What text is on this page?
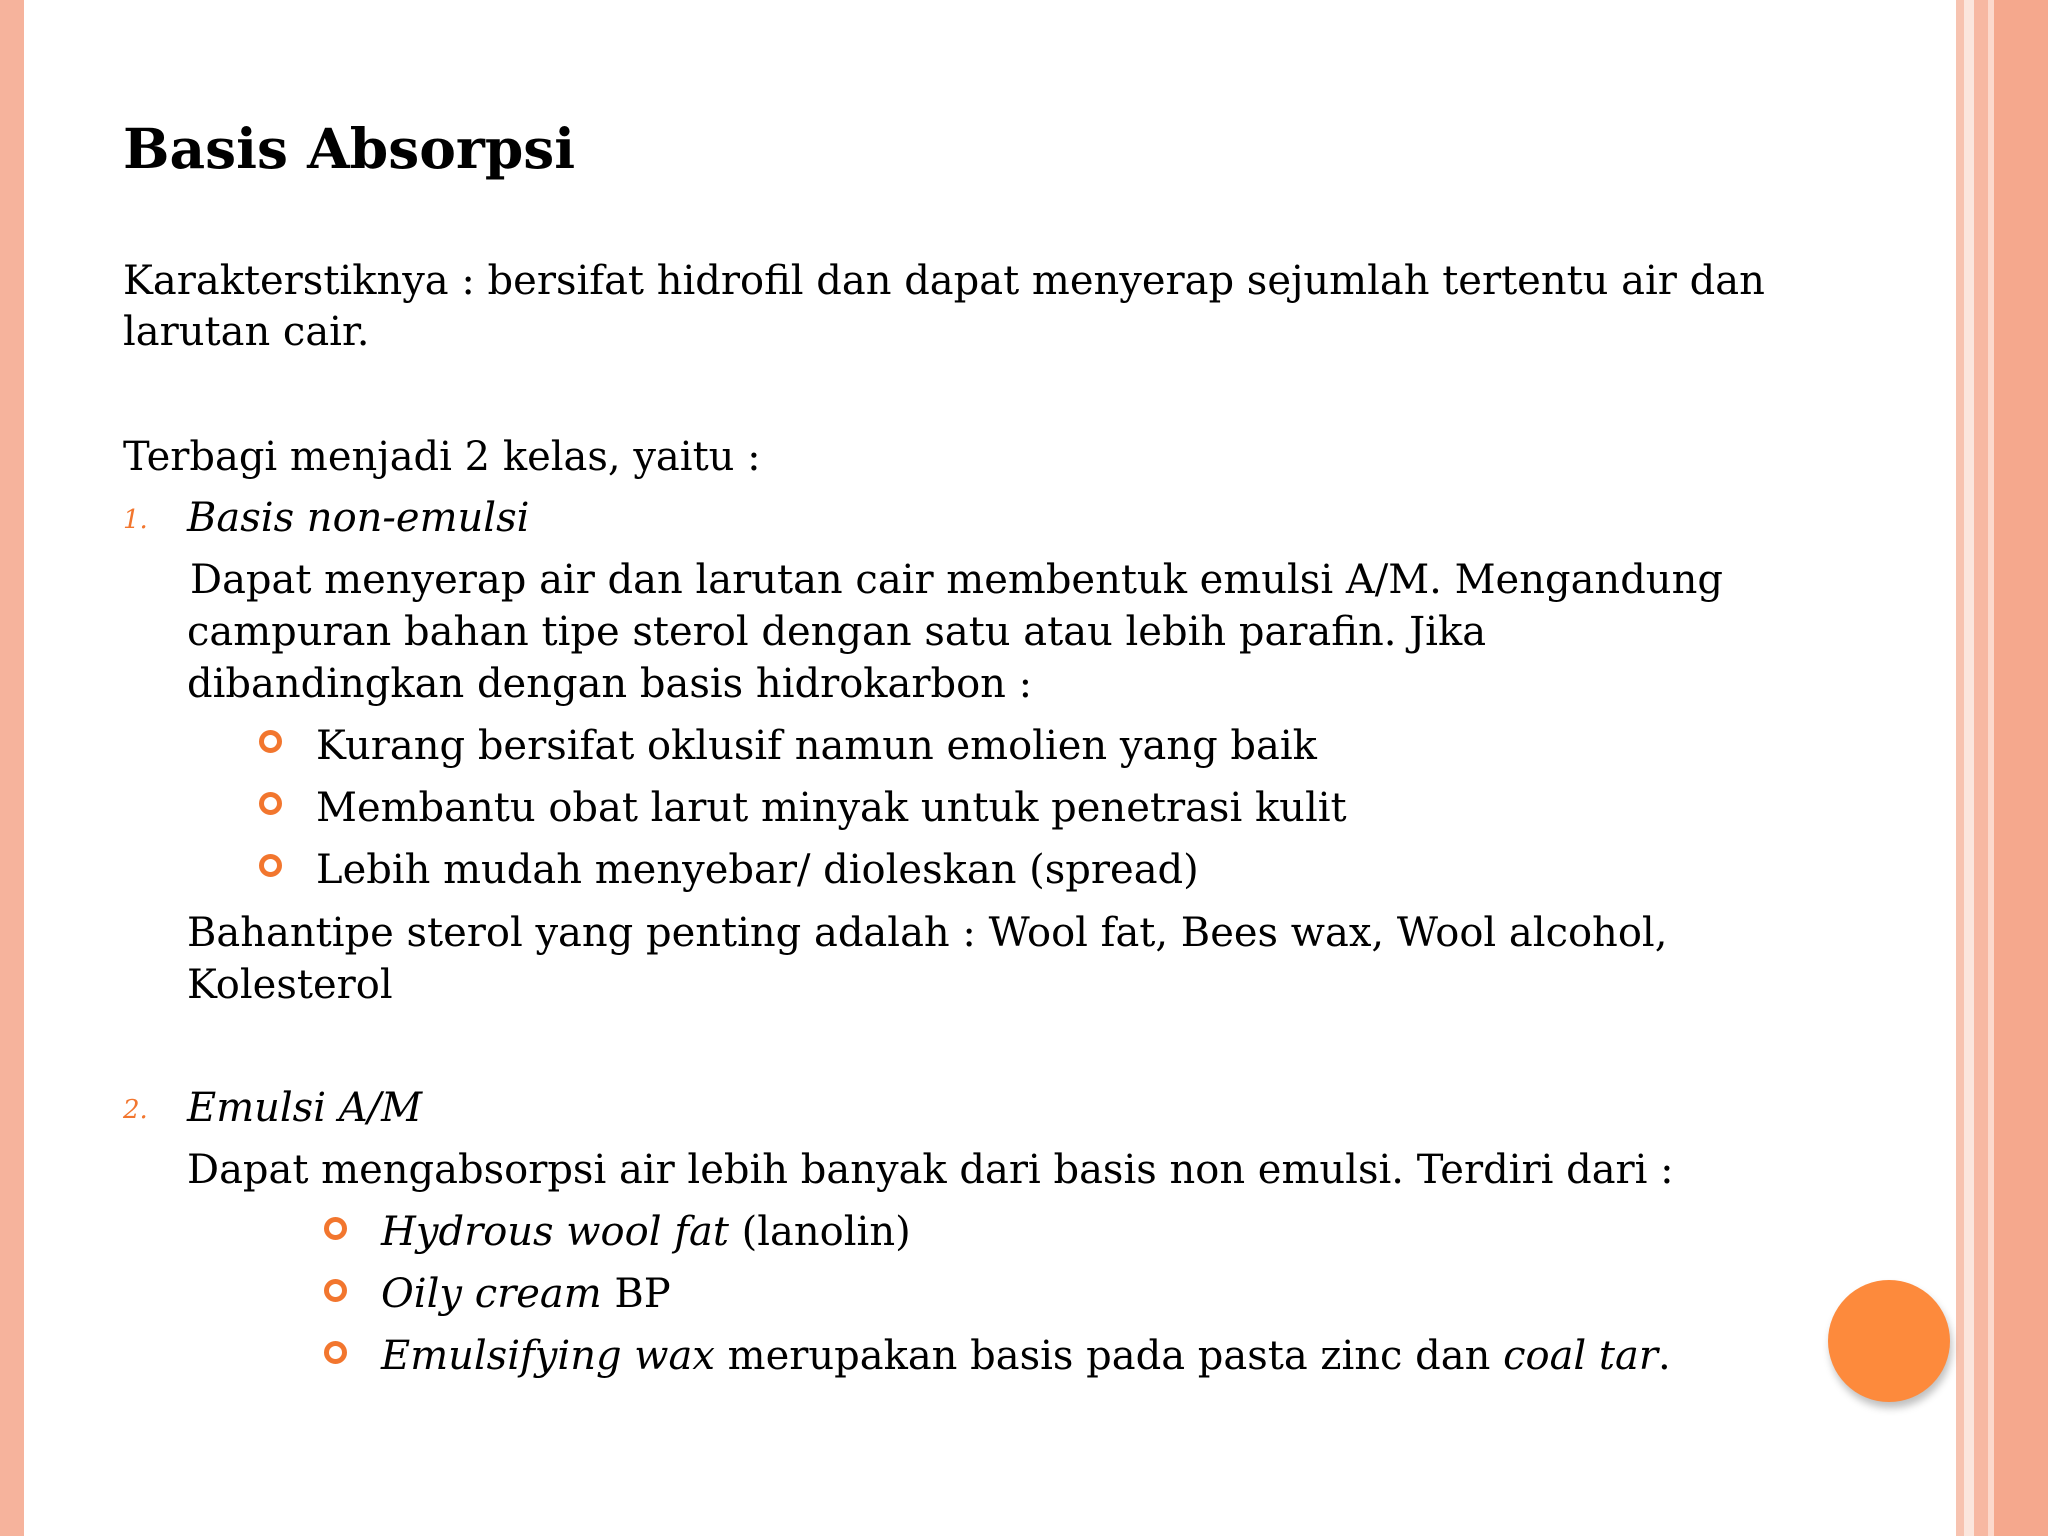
Basis Absorpsi
Karakterstiknya : bersifat hidrofil dan dapat menyerap sejumlah tertentu air dan
larutan cair.
Terbagi menjadi 2 kelas, yaitu :
1. Basis non-emulsi
Dapat menyerap air dan larutan cair membentuk emulsi A/M. Mengandung
campuran bahan tipe sterol dengan satu atau lebih parafin. Jika
dibandingkan dengan basis hidrokarbon :
Kurang bersifat oklusif namun emolien yang baik
Membantu obat larut minyak untuk penetrasi kulit
Lebih mudah menyebar/ dioleskan (spread)
Bahantipe sterol yang penting adalah : Wool fat, Bees wax, Wool alcohol,
Kolesterol
2. Emulsi A/M
Dapat mengabsorpsi air lebih banyak dari basis non emulsi. Terdiri dari :
Hydrous wool fat (lanolin)
Oily cream BP
Emulsifying wax merupakan basis pada pasta zinc dan coal tar.
